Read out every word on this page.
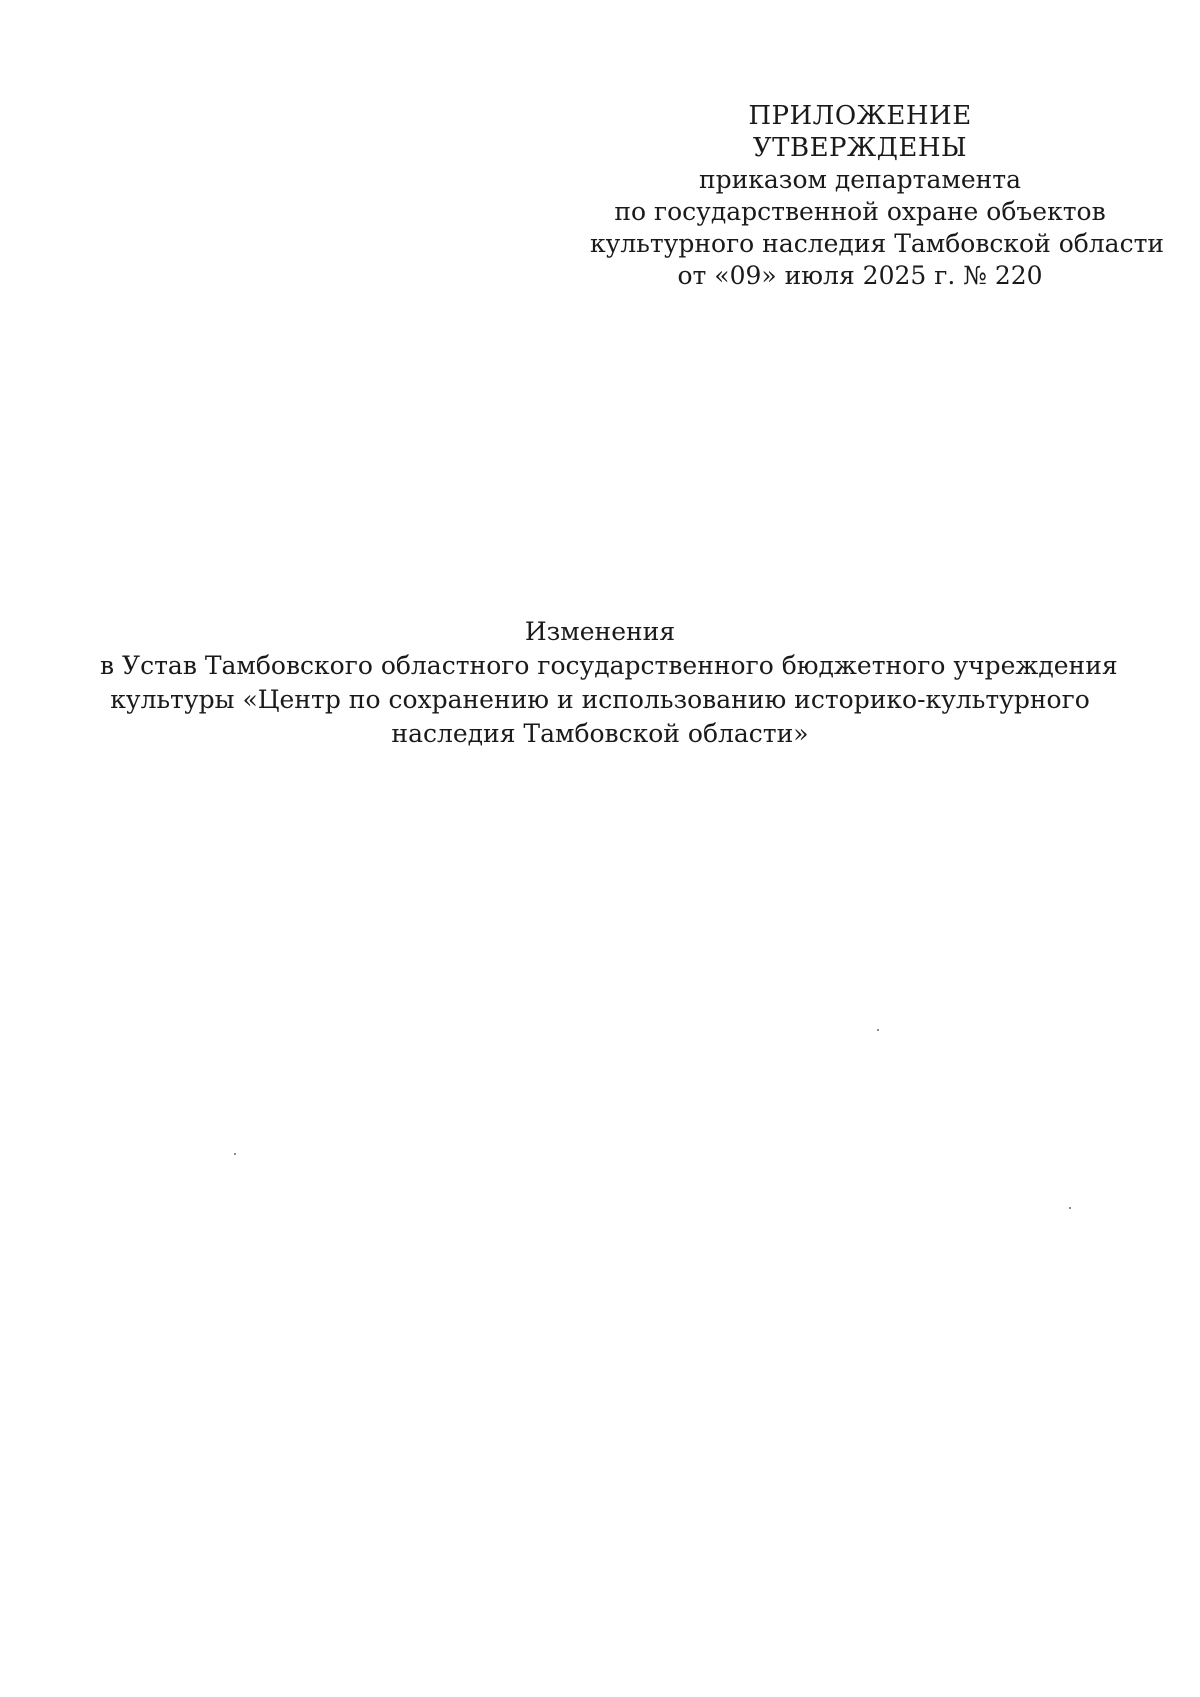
ПРИЛОЖЕНИЕ
УТВЕРЖДЕНЫ
приказом департамента
по государственной охране объектов
культурного наследия Тамбовской области
от «09» июля 2025 г. № 220
Изменения
в Устав Тамбовского областного государственного бюджетного учреждения
культуры «Центр по сохранению и использованию историко-культурного
наследия Тамбовской области»
